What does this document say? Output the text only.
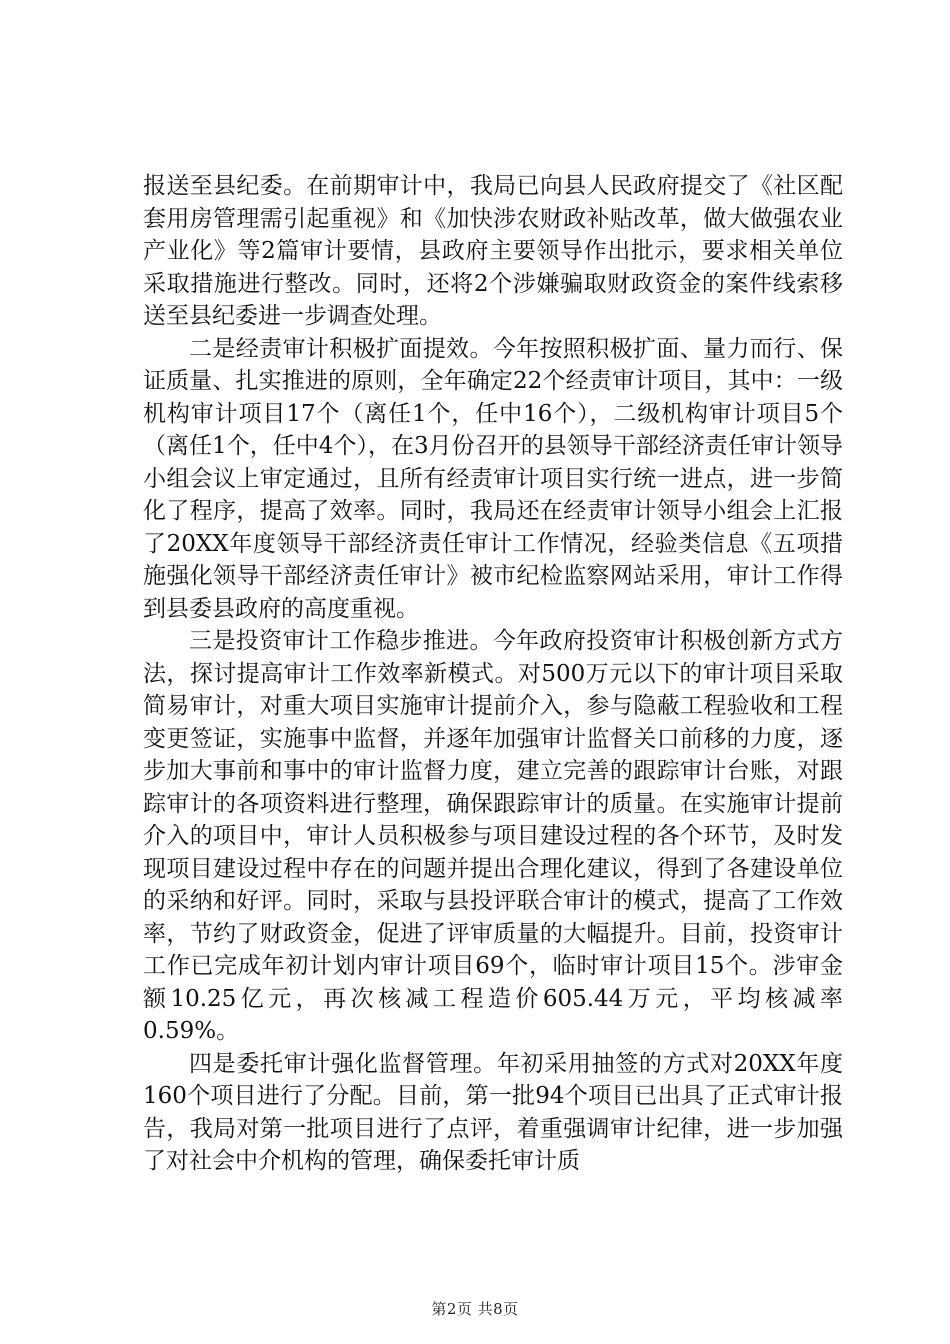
报送至县纪委。在前期审计中，我局已向县人民政府提交了《社区配套用房管理需引起重视》和《加快涉农财政补贴改革，做大做强农业产业化》等2篇审计要情，县政府主要领导作出批示，要求相关单位采取措施进行整改。同时，还将2个涉嫌骗取财政资金的案件线索移送至县纪委进一步调查处理。

二是经责审计积极扩面提效。今年按照积极扩面、量力而行、保证质量、扎实推进的原则，全年确定22个经责审计项目，其中：一级机构审计项目17个（离任1个，任中16个），二级机构审计项目5个（离任1个，任中4个），在3月份召开的县领导干部经济责任审计领导小组会议上审定通过，且所有经责审计项目实行统一进点，进一步简化了程序，提高了效率。同时，我局还在经责审计领导小组会上汇报了20XX年度领导干部经济责任审计工作情况，经验类信息《五项措施强化领导干部经济责任审计》被市纪检监察网站采用，审计工作得到县委县政府的高度重视。

三是投资审计工作稳步推进。今年政府投资审计积极创新方式方法，探讨提高审计工作效率新模式。对500万元以下的审计项目采取简易审计，对重大项目实施审计提前介入，参与隐蔽工程验收和工程变更签证，实施事中监督，并逐年加强审计监督关口前移的力度，逐步加大事前和事中的审计监督力度，建立完善的跟踪审计台账，对跟踪审计的各项资料进行整理，确保跟踪审计的质量。在实施审计提前介入的项目中，审计人员积极参与项目建设过程的各个环节，及时发现项目建设过程中存在的问题并提出合理化建议，得到了各建设单位的采纳和好评。同时，采取与县投评联合审计的模式，提高了工作效率，节约了财政资金，促进了评审质量的大幅提升。目前，投资审计工作已完成年初计划内审计项目69个，临时审计项目15个。涉审金额10.25亿元，再次核减工程造价605.44万元，平均核减率0.59%。

四是委托审计强化监督管理。年初采用抽签的方式对20XX年度160个项目进行了分配。目前，第一批94个项目已出具了正式审计报告，我局对第一批项目进行了点评，着重强调审计纪律，进一步加强了对社会中介机构的管理，确保委托审计质

第2页 共8页
